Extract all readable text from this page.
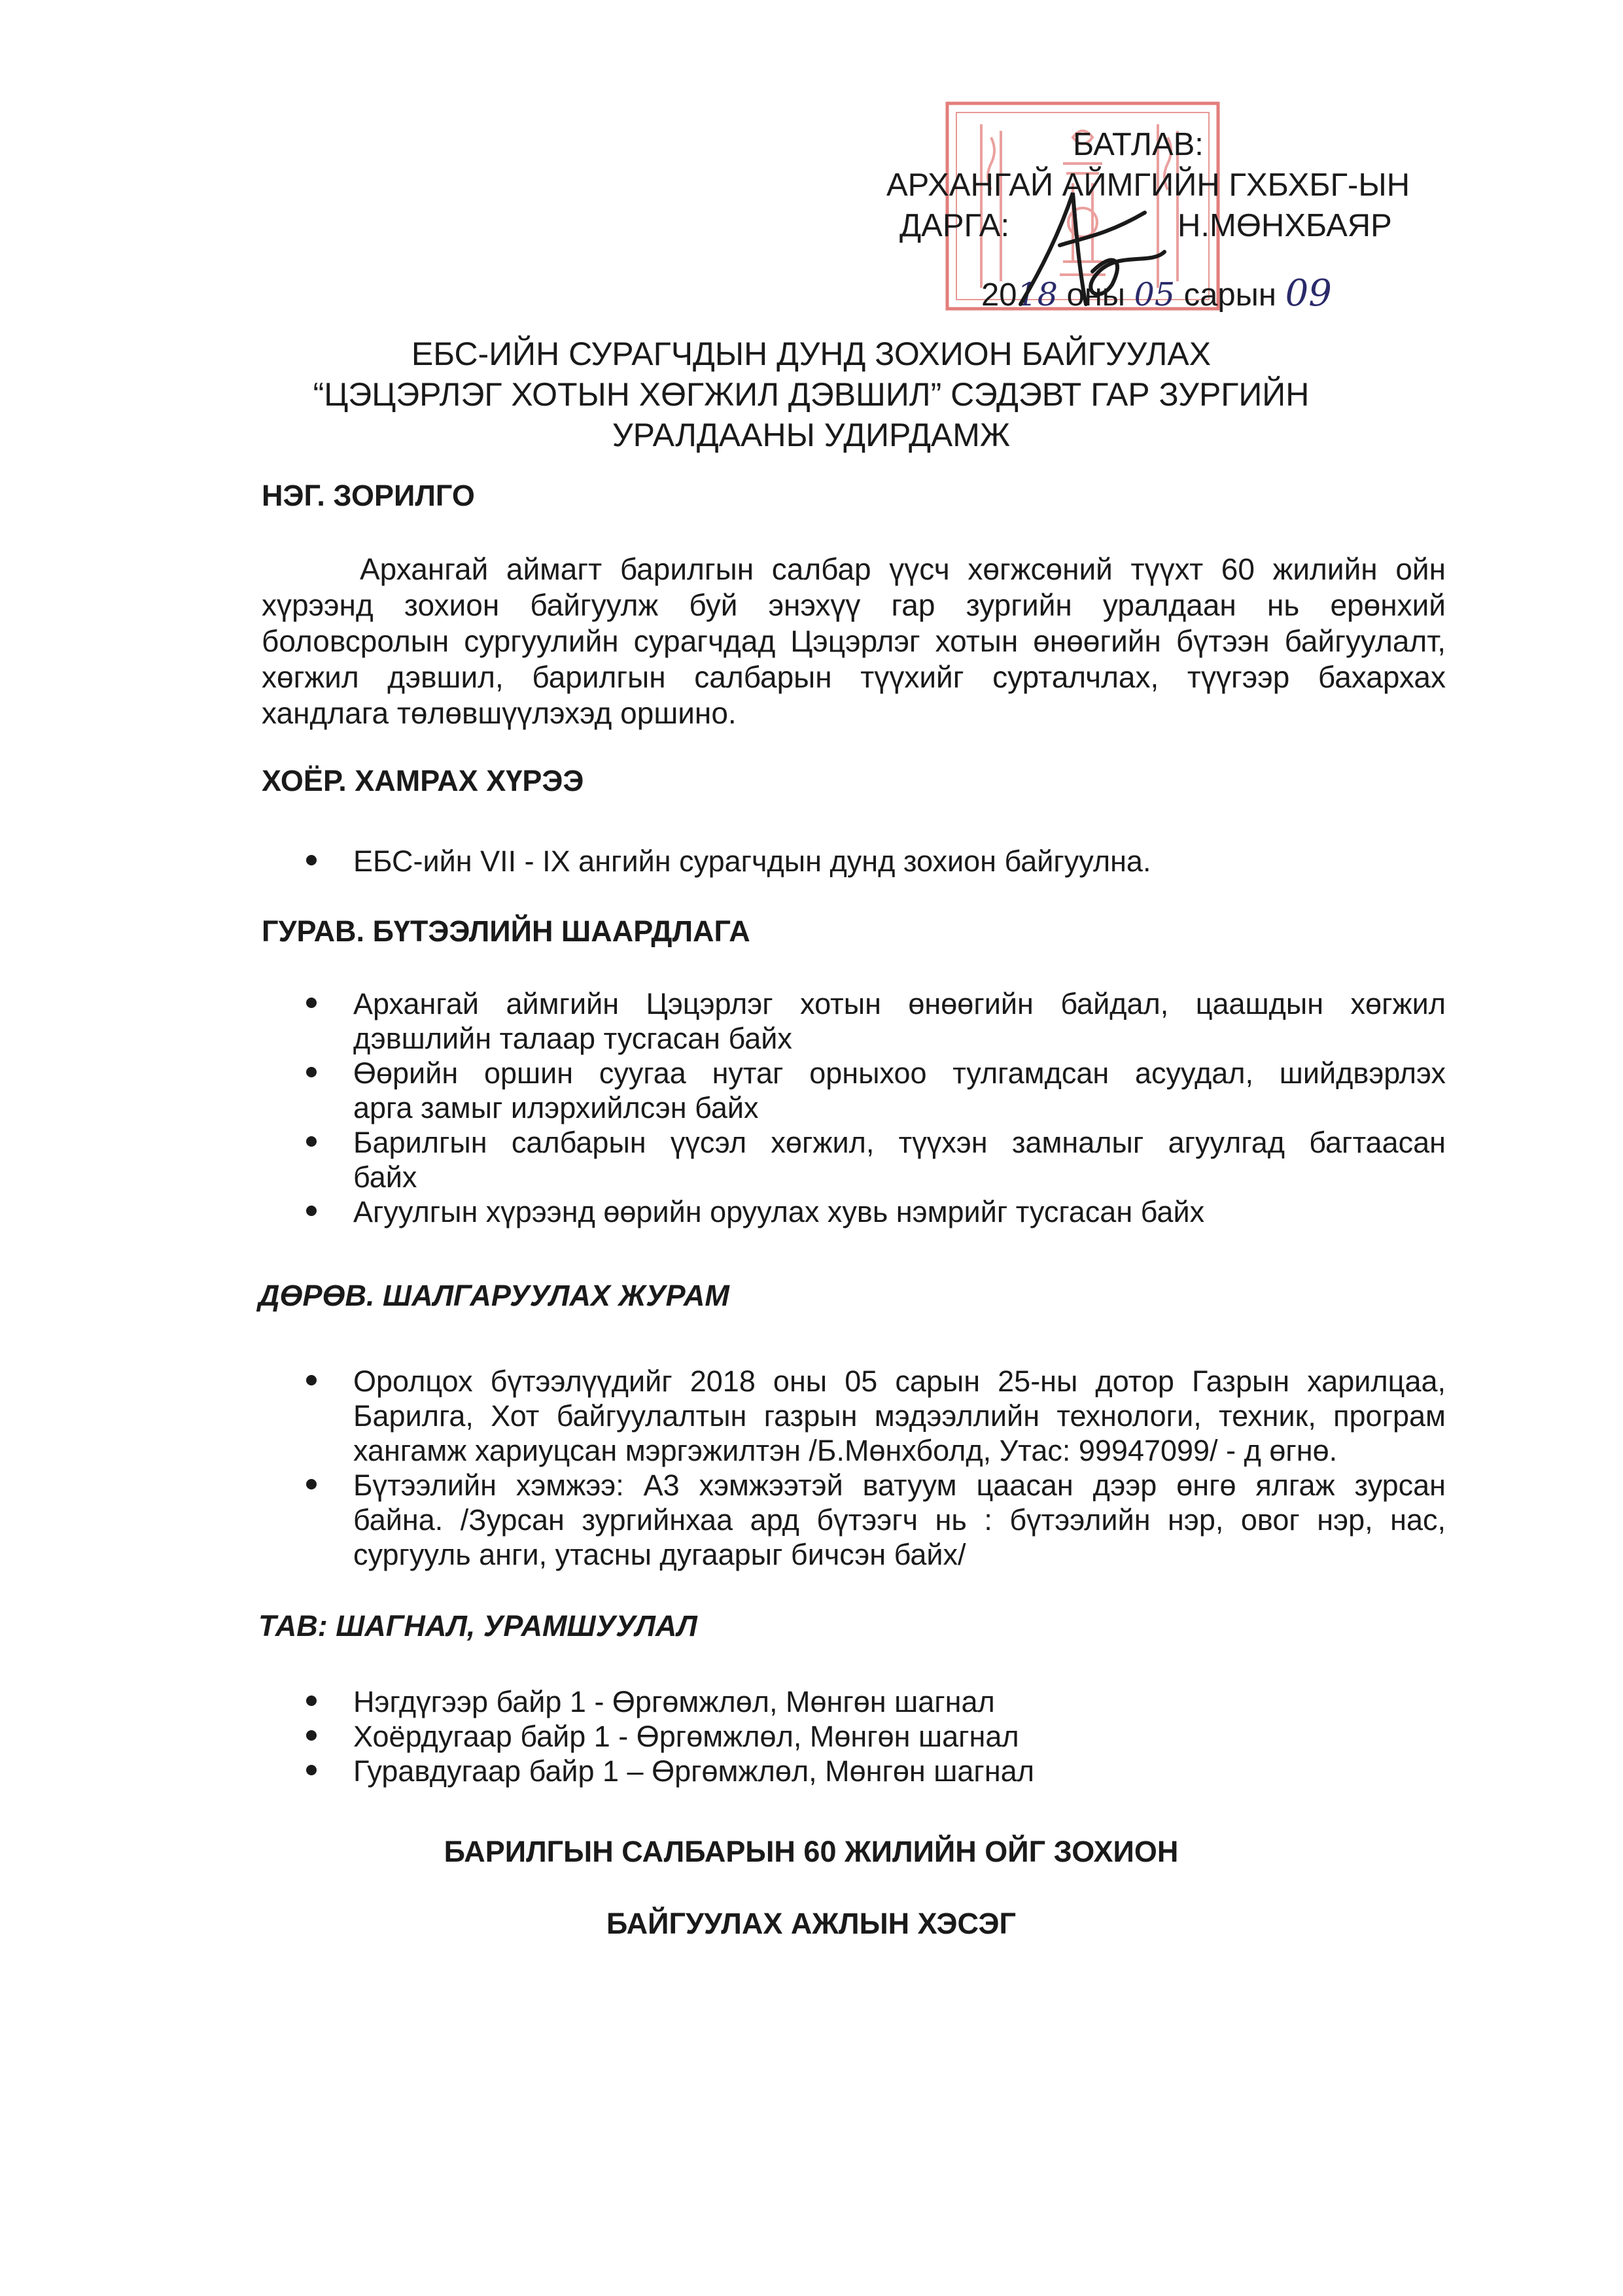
БАТЛАВ:
АРХАНГАЙ АЙМГИЙН ГХБХБГ-ЫН
ДАРГА:	Н.МӨНХБАЯР
2018 оны 05 сарын 09
ЕБС-ИЙН СУРАГЧДЫН ДУНД ЗОХИОН БАЙГУУЛАХ
“ЦЭЦЭРЛЭГ ХОТЫН ХӨГЖИЛ ДЭВШИЛ” СЭДЭВТ ГАР ЗУРГИЙН
УРАЛДААНЫ УДИРДАМЖ
НЭГ. ЗОРИЛГО
Архангай аймагт барилгын салбар үүсч хөгжсөний түүхт 60 жилийн ойн
хүрээнд зохион байгуулж буй энэхүү гар зургийн уралдаан нь ерөнхий
боловсролын сургуулийн сурагчдад Цэцэрлэг хотын өнөөгийн бүтээн байгуулалт,
хөгжил дэвшил, барилгын салбарын түүхийг сурталчлах, түүгээр бахархах
хандлага төлөвшүүлэхэд оршино.
ХОЁР. ХАМРАХ ХҮРЭЭ
ЕБС-ийн VII - IX ангийн сурагчдын дунд зохион байгуулна.
ГУРАВ. БҮТЭЭЛИЙН ШААРДЛАГА
Архангай аймгийн Цэцэрлэг хотын өнөөгийн байдал, цаашдын хөгжил
дэвшлийн талаар тусгасан байх
Өөрийн оршин суугаа нутаг орныхоо тулгамдсан асуудал, шийдвэрлэх
арга замыг илэрхийлсэн байх
Барилгын салбарын үүсэл хөгжил, түүхэн замналыг агуулгад багтаасан
байх
Агуулгын хүрээнд өөрийн оруулах хувь нэмрийг тусгасан байх
ДӨРӨВ. ШАЛГАРУУЛАХ ЖУРАМ
Оролцох бүтээлүүдийг 2018 оны 05 сарын 25-ны дотор Газрын харилцаа,
Барилга, Хот байгуулалтын газрын мэдээллийн технологи, техник, програм
хангамж хариуцсан мэргэжилтэн /Б.Мөнхболд, Утас: 99947099/ - д өгнө.
Бүтээлийн хэмжээ: А3 хэмжээтэй ватуум цаасан дээр өнгө ялгаж зурсан
байна. /Зурсан зургийнхаа ард бүтээгч нь : бүтээлийн нэр, овог нэр, нас,
сургууль анги, утасны дугаарыг бичсэн байх/
ТАВ: ШАГНАЛ, УРАМШУУЛАЛ
Нэгдүгээр байр 1 - Өргөмжлөл, Мөнгөн шагнал
Хоёрдугаар байр 1 - Өргөмжлөл, Мөнгөн шагнал
Гуравдугаар байр 1 – Өргөмжлөл, Мөнгөн шагнал
БАРИЛГЫН САЛБАРЫН 60 ЖИЛИЙН ОЙГ ЗОХИОН
БАЙГУУЛАХ АЖЛЫН ХЭСЭГ
